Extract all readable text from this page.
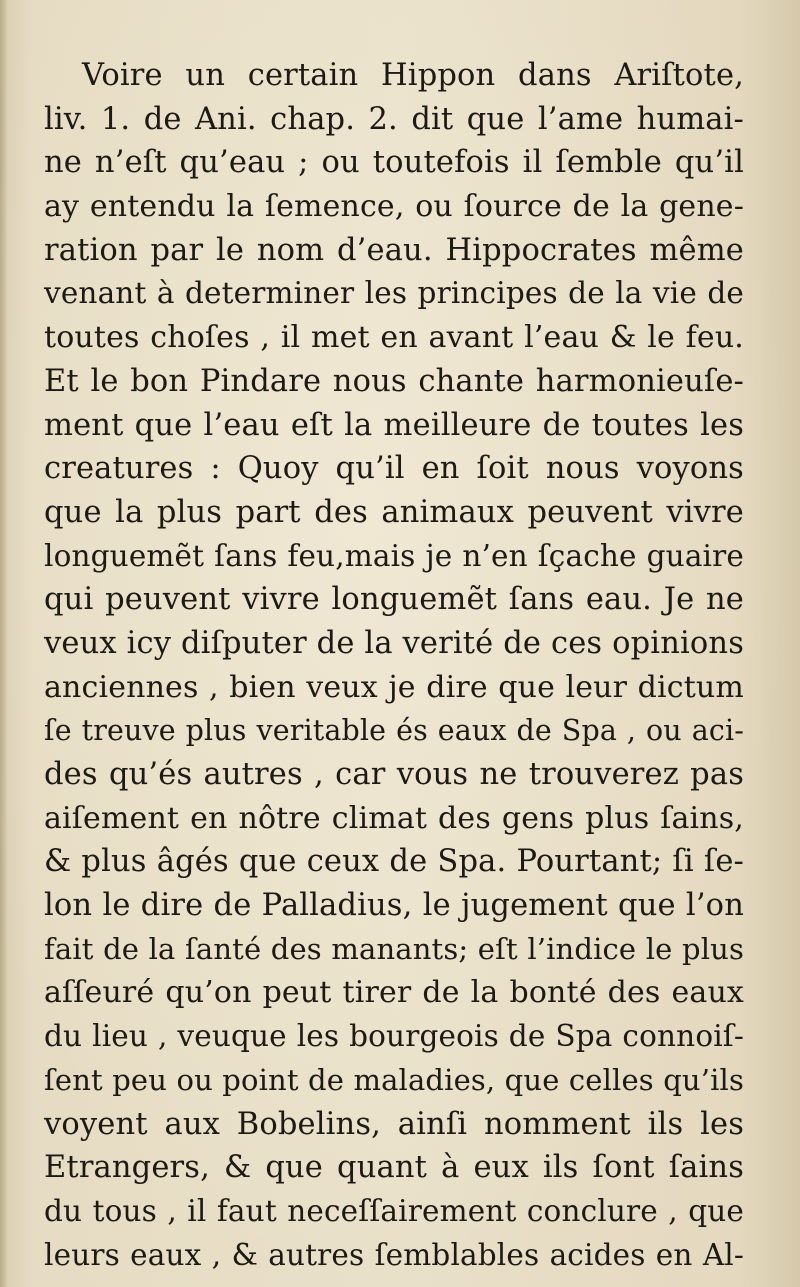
Voire un certain Hippon dans Ariſtote,
liv. 1. de Ani. chap. 2. dit que l’ame humai-
ne n’eſt qu’eau ; ou toutefois il ſemble qu’il
ay entendu la ſemence, ou ſource de la gene-
ration par le nom d’eau. Hippocrates même
venant à determiner les principes de la vie de
toutes choſes , il met en avant l’eau & le feu.
Et le bon Pindare nous chante harmonieuſe-
ment que l’eau eſt la meilleure de toutes les
creatures : Quoy qu’il en ſoit nous voyons
que la plus part des animaux peuvent vivre
longuemẽt ſans feu,mais je n’en ſçache guaire
qui peuvent vivre longuemẽt ſans eau. Je ne
veux icy diſputer de la verité de ces opinions
anciennes , bien veux je dire que leur dictum
ſe treuve plus veritable és eaux de Spa , ou aci-
des qu’és autres , car vous ne trouverez pas
aiſement en nôtre climat des gens plus ſains,
& plus âgés que ceux de Spa. Pourtant; ſi ſe-
lon le dire de Palladius, le jugement que l’on
fait de la ſanté des manants; eſt l’indice le plus
aſſeuré qu’on peut tirer de la bonté des eaux
du lieu , veuque les bourgeois de Spa connoiſ-
ſent peu ou point de maladies, que celles qu’ils
voyent aux Bobelins, ainſi nomment ils les
Etrangers, & que quant à eux ils ſont ſains
du tous , il faut neceſſairement conclure , que
leurs eaux , & autres ſemblables acides en Al-
